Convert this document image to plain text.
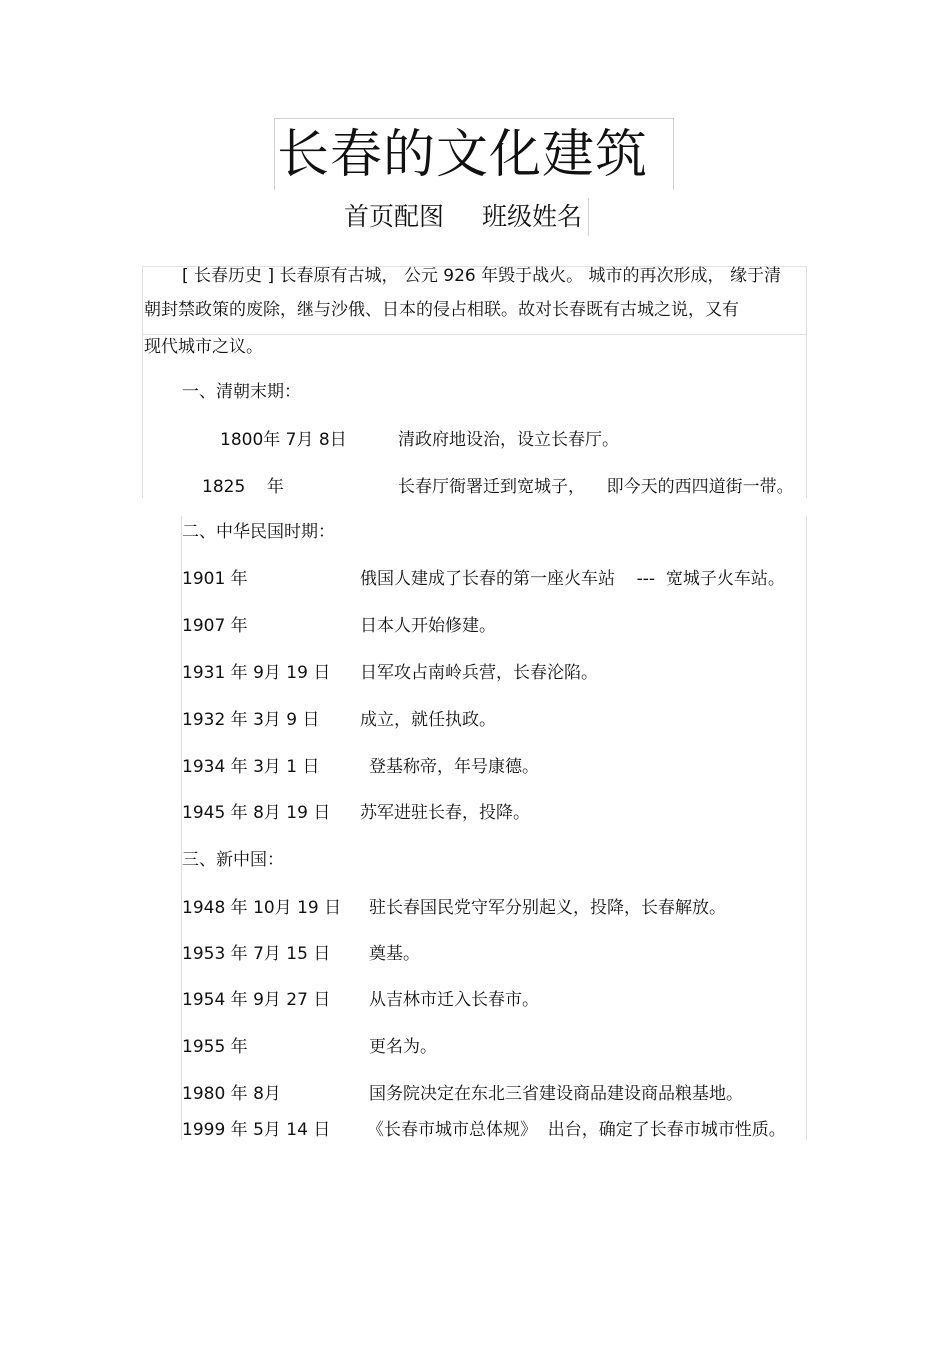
长春的文化建筑
首页配图 班级姓名
[ 长春历史 ] 长春原有古城， 公元 926 年毁于战火。 城市的再次形成， 缘于清
朝封禁政策的废除，继与沙俄、日本的侵占相联。故对长春既有古城之说，又有
现代城市之议。
一、清朝末期：
1800年 7月 8日	清政府地设治，设立长春厅。
1825    年	长春厅衙署迁到宽城子，    即今天的西四道街一带。
二、中华民国时期：
1901 年	俄国人建成了长春的第一座火车站    ---  宽城子火车站。
1907 年	日本人开始修建。
1931 年 9月 19 日 日军攻占南岭兵营，长春沦陷。
1932 年 3月 9 日 成立，就任执政。
1934 年 3月 1 日	登基称帝，年号康德。
1945 年 8月 19 日 苏军进驻长春，投降。
三、新中国：
1948 年 10月 19 日 驻长春国民党守军分别起义，投降，长春解放。
1953 年 7月 15 日 奠基。
1954 年 9月 27 日 从吉林市迁入长春市。
1955 年	更名为。
1980 年 8月	国务院决定在东北三省建设商品建设商品粮基地。
1999 年 5月 14 日 《长春市城市总体规》  出台，确定了长春市城市性质。
